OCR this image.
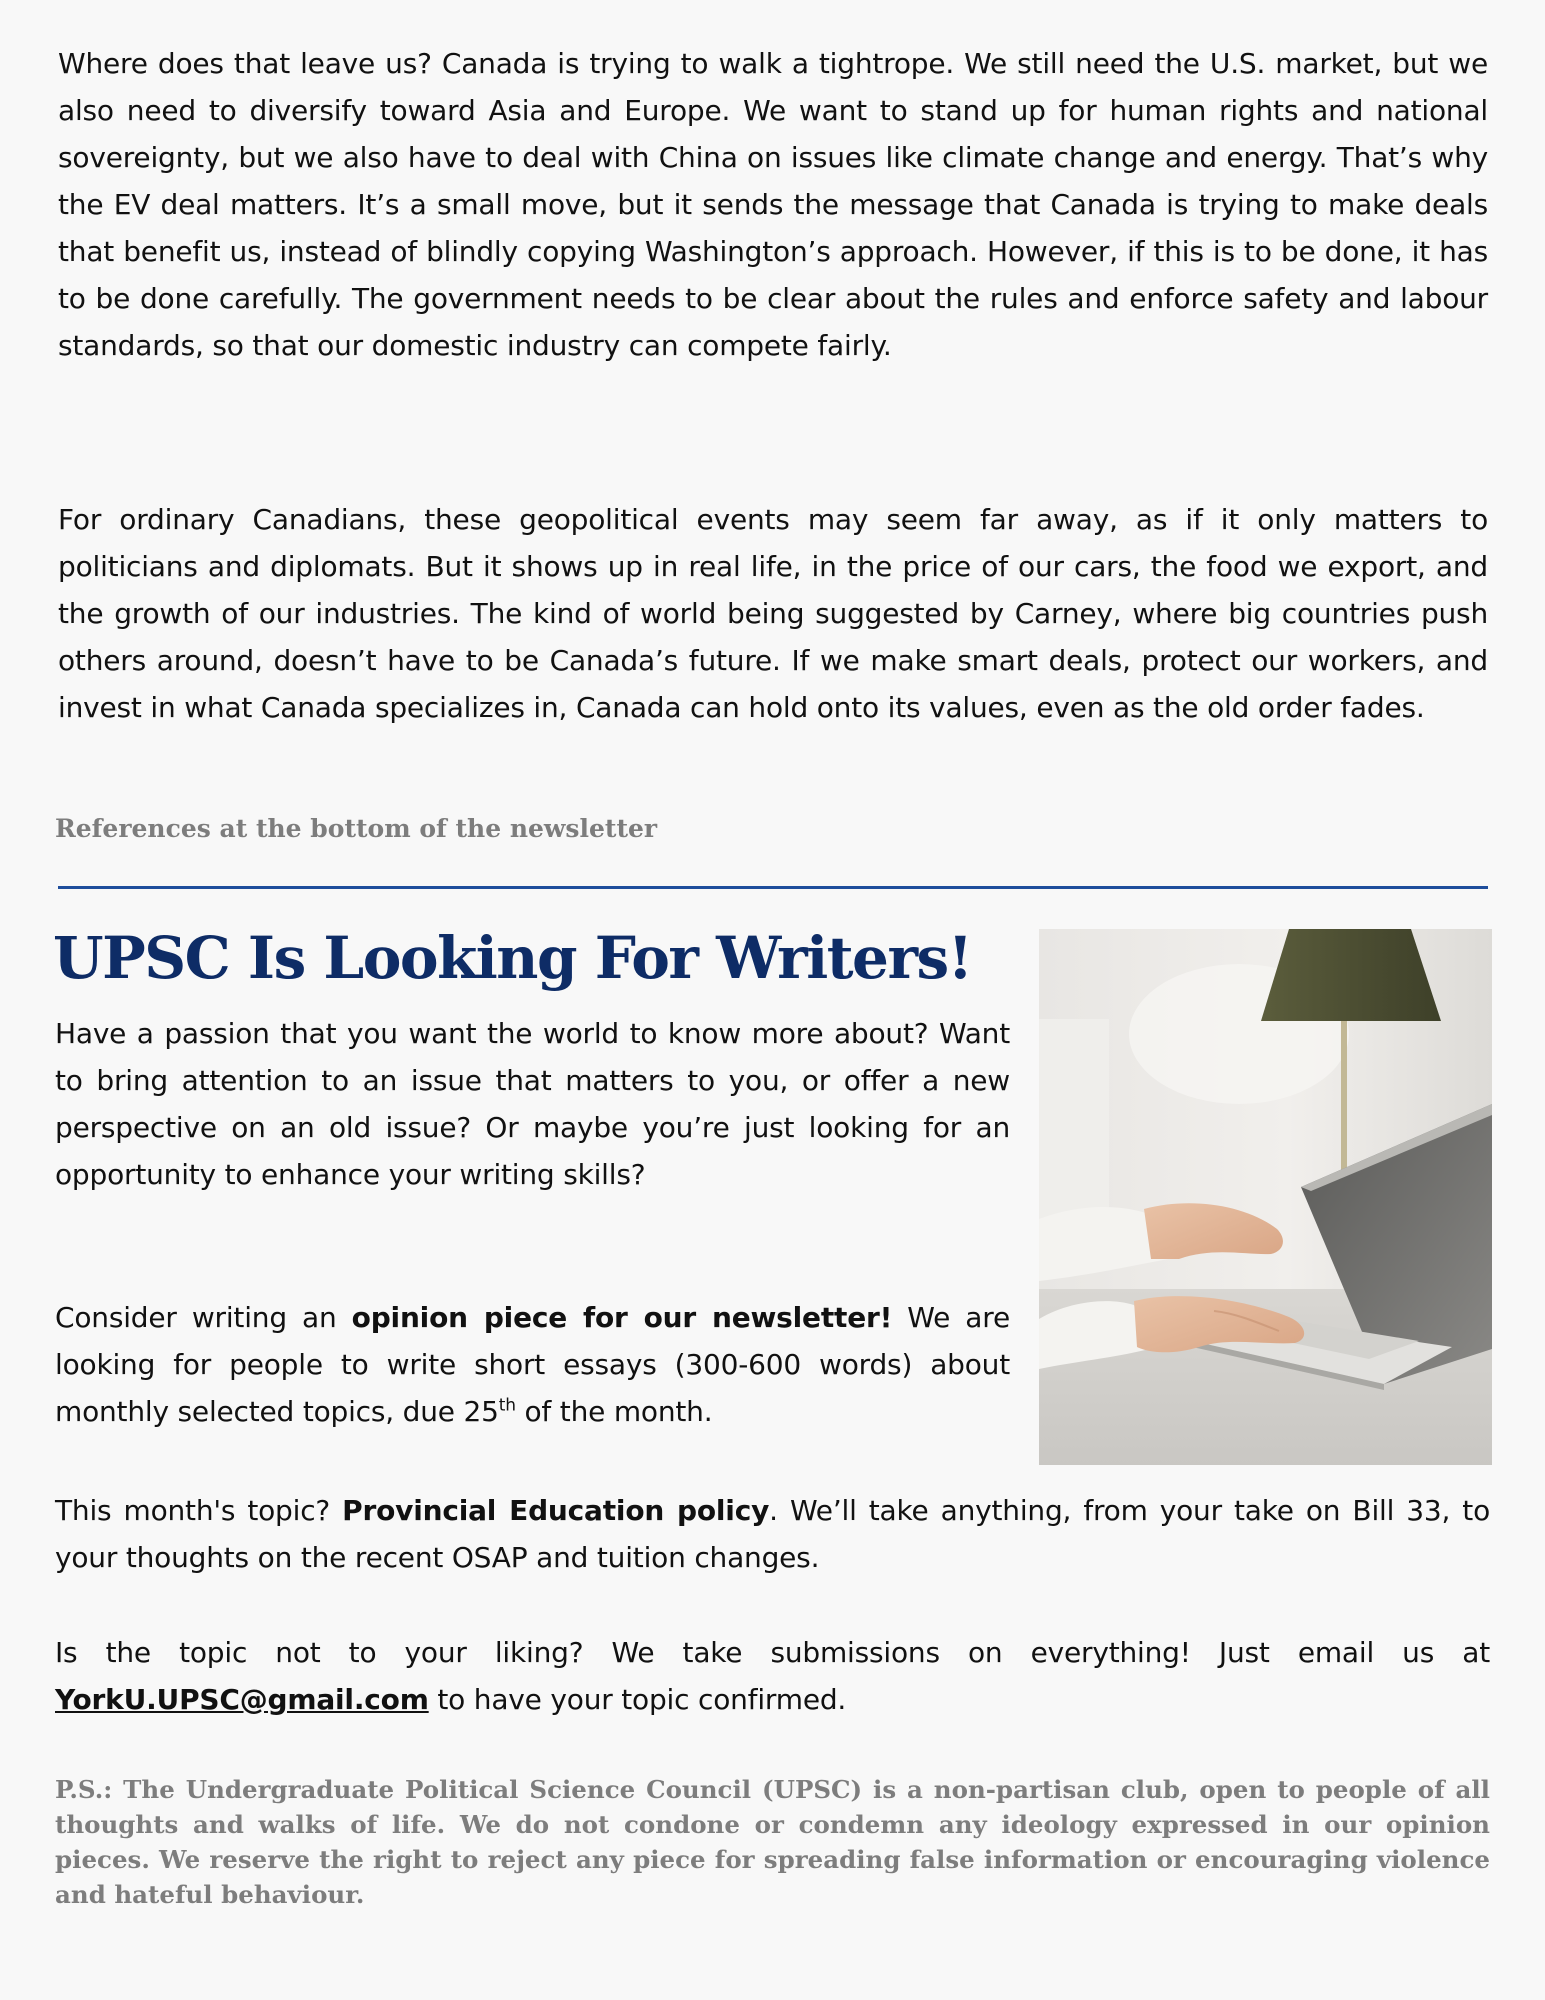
Where does that leave us? Canada is trying to walk a tightrope. We still need the U.S. market, but we also need to diversify toward Asia and Europe. We want to stand up for human rights and national sovereignty, but we also have to deal with China on issues like climate change and energy. That’s why the EV deal matters. It’s a small move, but it sends the message that Canada is trying to make deals that benefit us, instead of blindly copying Washington’s approach. However, if this is to be done, it has to be done carefully. The government needs to be clear about the rules and enforce safety and labour standards, so that our domestic industry can compete fairly.
For ordinary Canadians, these geopolitical events may seem far away, as if it only matters to politicians and diplomats. But it shows up in real life, in the price of our cars, the food we export, and the growth of our industries. The kind of world being suggested by Carney, where big countries push others around, doesn’t have to be Canada’s future. If we make smart deals, protect our workers, and invest in what Canada specializes in, Canada can hold onto its values, even as the old order fades.
References at the bottom of the newsletter
UPSC Is Looking For Writers!
Have a passion that you want the world to know more about? Want to bring attention to an issue that matters to you, or offer a new perspective on an old issue? Or maybe you’re just looking for an opportunity to enhance your writing skills?
Consider writing an opinion piece for our newsletter! We are looking for people to write short essays (300-600 words) about monthly selected topics, due 25th of the month.
This month's topic? Provincial Education policy. We’ll take anything, from your take on Bill 33, to your thoughts on the recent OSAP and tuition changes.
Is the topic not to your liking? We take submissions on everything! Just email us at YorkU.UPSC@gmail.com to have your topic confirmed.
P.S.: The Undergraduate Political Science Council (UPSC) is a non-partisan club, open to people of all thoughts and walks of life. We do not condone or condemn any ideology expressed in our opinion pieces. We reserve the right to reject any piece for spreading false information or encouraging violence and hateful behaviour.
